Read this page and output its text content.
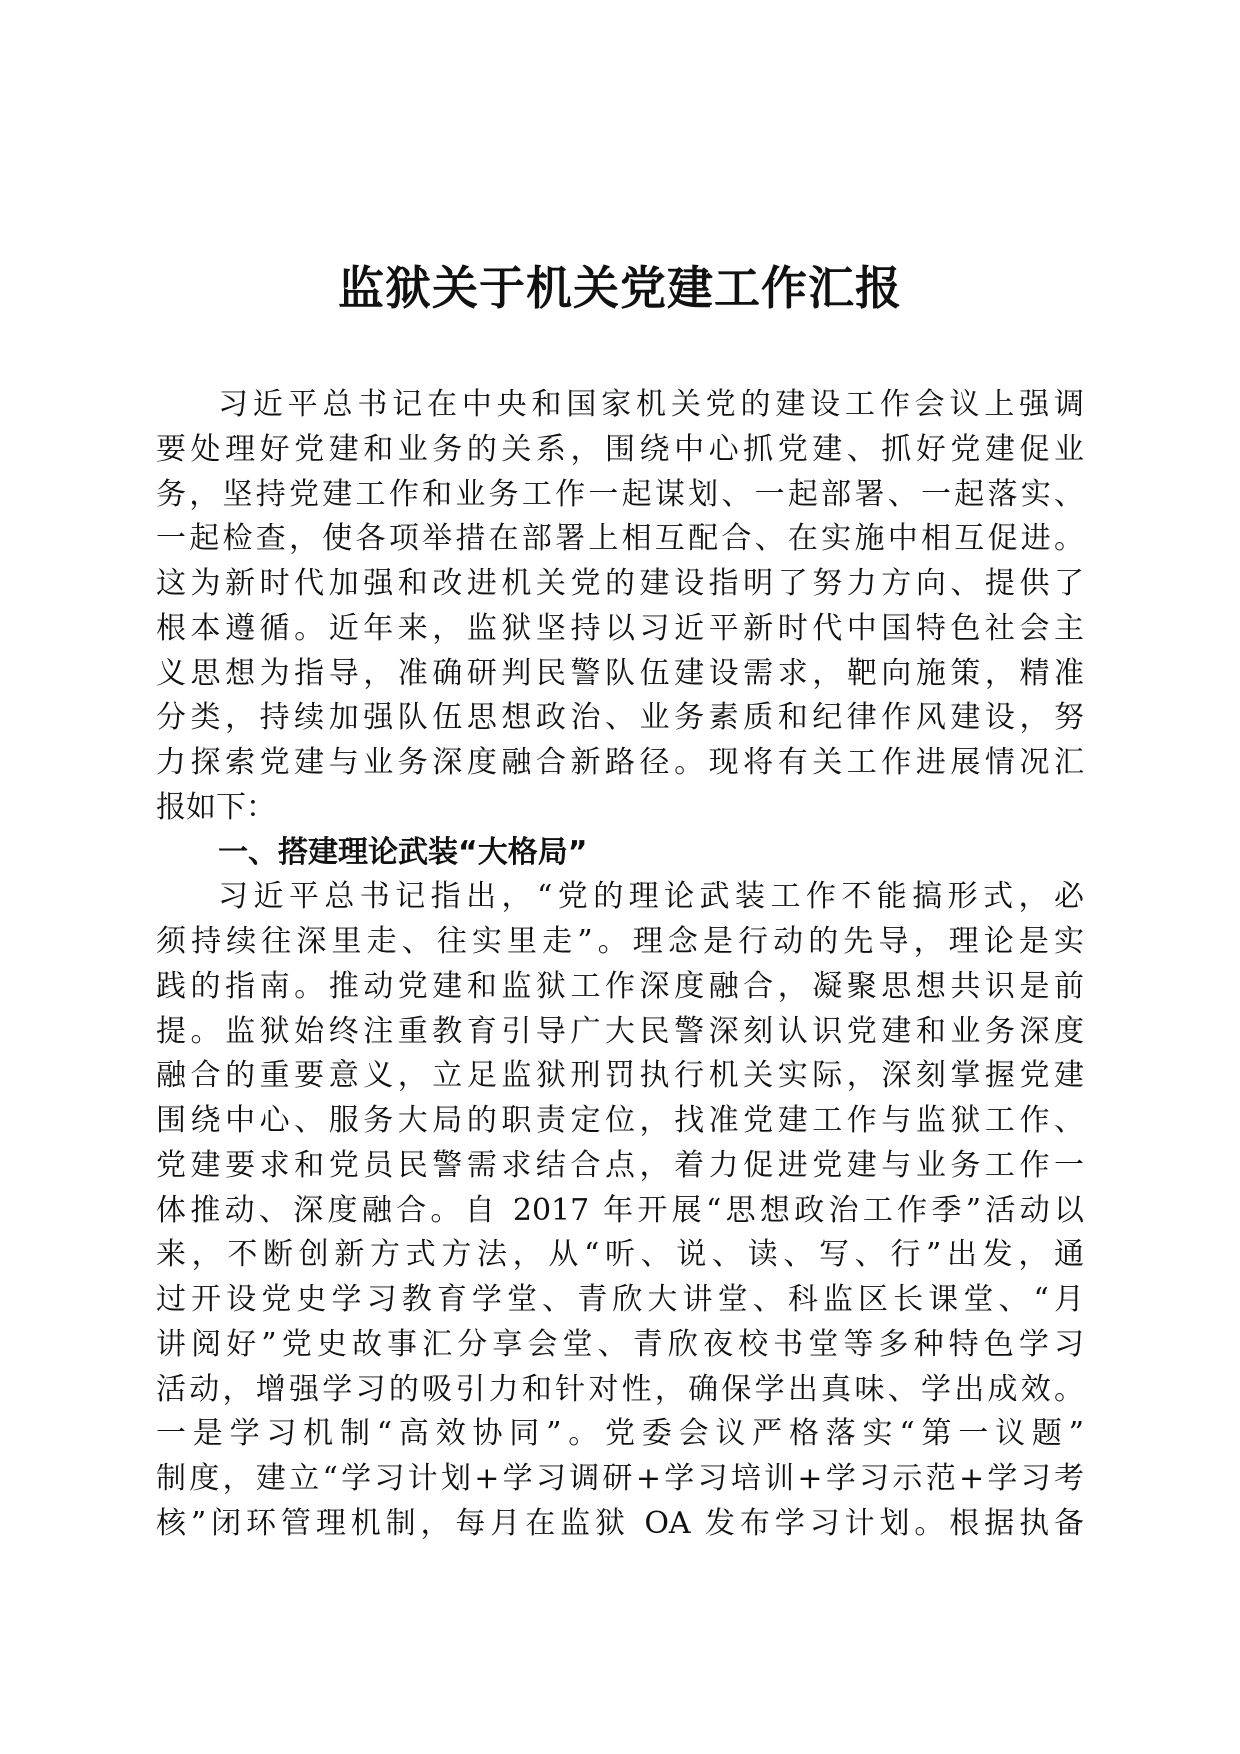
监狱关于机关党建工作汇报
习近平总书记在中央和国家机关党的建设工作会议上强调
要处理好党建和业务的关系，围绕中心抓党建、抓好党建促业
务，坚持党建工作和业务工作一起谋划、一起部署、一起落实、
一起检查，使各项举措在部署上相互配合、在实施中相互促进。
这为新时代加强和改进机关党的建设指明了努力方向、提供了
根本遵循。近年来，监狱坚持以习近平新时代中国特色社会主
义思想为指导，准确研判民警队伍建设需求，靶向施策，精准
分类，持续加强队伍思想政治、业务素质和纪律作风建设，努
力探索党建与业务深度融合新路径。现将有关工作进展情况汇
报如下：
一、搭建理论武装“大格局”
习近平总书记指出，“党的理论武装工作不能搞形式，必
须持续往深里走、往实里走”。理念是行动的先导，理论是实
践的指南。推动党建和监狱工作深度融合，凝聚思想共识是前
提。监狱始终注重教育引导广大民警深刻认识党建和业务深度
融合的重要意义，立足监狱刑罚执行机关实际，深刻掌握党建
围绕中心、服务大局的职责定位，找准党建工作与监狱工作、
党建要求和党员民警需求结合点，着力促进党建与业务工作一
体推动、深度融合。自 2017 年开展“思想政治工作季”活动以
来，不断创新方式方法，从“听、说、读、写、行”出发，通
过开设党史学习教育学堂、青欣大讲堂、科监区长课堂、“月
讲阅好”党史故事汇分享会堂、青欣夜校书堂等多种特色学习
活动，增强学习的吸引力和针对性，确保学出真味、学出成效。
一是学习机制“高效协同”。党委会议严格落实“第一议题”
制度，建立“学习计划+学习调研+学习培训+学习示范+学习考
核”闭环管理机制，每月在监狱 OA 发布学习计划。根据执备
